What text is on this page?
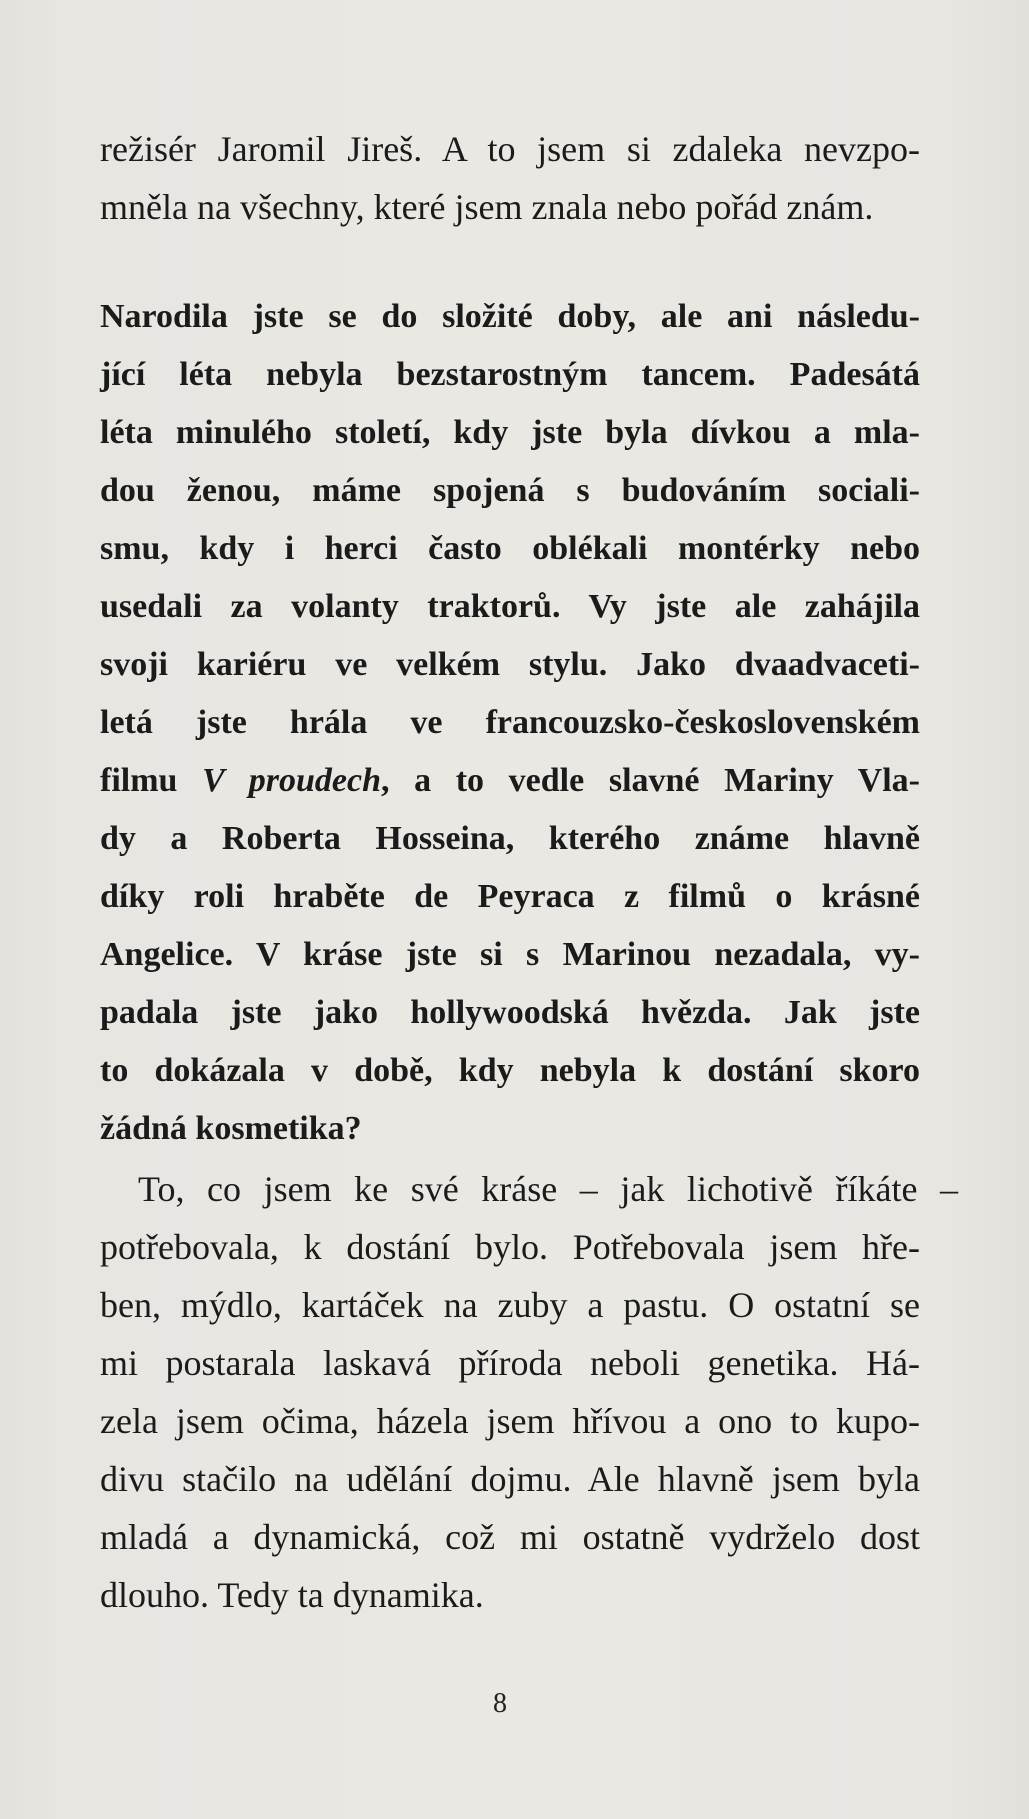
režisér Jaromil Jireš. A to jsem si zdaleka nevzpo-
mněla na všechny, které jsem znala nebo pořád znám.
Narodila jste se do složité doby, ale ani následu-
jící léta nebyla bezstarostným tancem. Padesátá
léta minulého století, kdy jste byla dívkou a mla-
dou ženou, máme spojená s budováním sociali-
smu, kdy i herci často oblékali montérky nebo
usedali za volanty traktorů. Vy jste ale zahájila
svoji kariéru ve velkém stylu. Jako dvaadvaceti-
letá jste hrála ve francouzsko-československém
filmu V proudech, a to vedle slavné Mariny Vla-
dy a Roberta Hosseina, kterého známe hlavně
díky roli hraběte de Peyraca z filmů o krásné
Angelice. V kráse jste si s Marinou nezadala, vy-
padala jste jako hollywoodská hvězda. Jak jste
to dokázala v době, kdy nebyla k dostání skoro
žádná kosmetika?
To, co jsem ke své kráse – jak lichotivě říkáte –
potřebovala, k dostání bylo. Potřebovala jsem hře-
ben, mýdlo, kartáček na zuby a pastu. O ostatní se
mi postarala laskavá příroda neboli genetika. Há-
zela jsem očima, házela jsem hřívou a ono to kupo-
divu stačilo na udělání dojmu. Ale hlavně jsem byla
mladá a dynamická, což mi ostatně vydrželo dost
dlouho. Tedy ta dynamika.
8
